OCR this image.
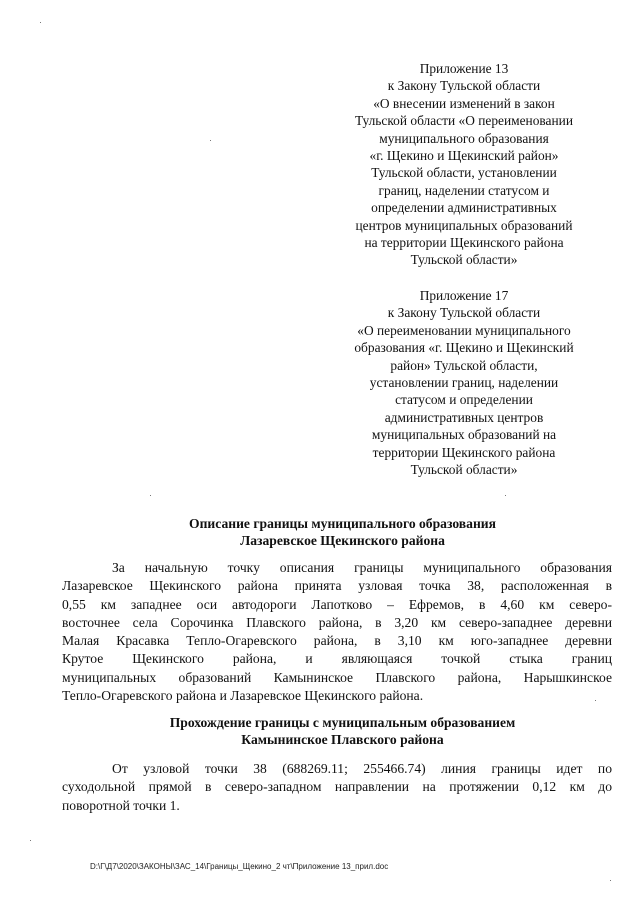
Приложение 13
к Закону Тульской области
«О внесении изменений в закон
Тульской области «О переименовании
муниципального образования
«г. Щекино и Щекинский район»
Тульской области, установлении
границ, наделении статусом и
определении административных
центров муниципальных образований
на территории Щекинского района
Тульской области»
Приложение 17
к Закону Тульской области
«О переименовании муниципального
образования «г. Щекино и Щекинский
район» Тульской области,
установлении границ, наделении
статусом и определении
административных центров
муниципальных образований на
территории Щекинского района
Тульской области»
Описание границы муниципального образования
Лазаревское Щекинского района
За начальную точку описания границы муниципального образования
Лазаревское Щекинского района принята узловая точка 38, расположенная в
0,55 км западнее оси автодороги Лапотково – Ефремов, в 4,60 км северо-
восточнее села Сорочинка Плавского района, в 3,20 км северо-западнее деревни
Малая Красавка Тепло-Огаревского района, в 3,10 км юго-западнее деревни
Крутое Щекинского района, и являющаяся точкой стыка границ
муниципальных образований Камынинское Плавского района, Нарышкинское
Тепло-Огаревского района и Лазаревское Щекинского района.
Прохождение границы с муниципальным образованием
Камынинское Плавского района
От узловой точки 38 (688269.11; 255466.74) линия границы идет по
суходольной прямой в северо-западном направлении на протяжении 0,12 км до
поворотной точки 1.
D:\Г\Д7\2020\ЗАКОНЫ\ЗАС_14\Границы_Щекино_2 чт\Приложение 13_прил.doc
